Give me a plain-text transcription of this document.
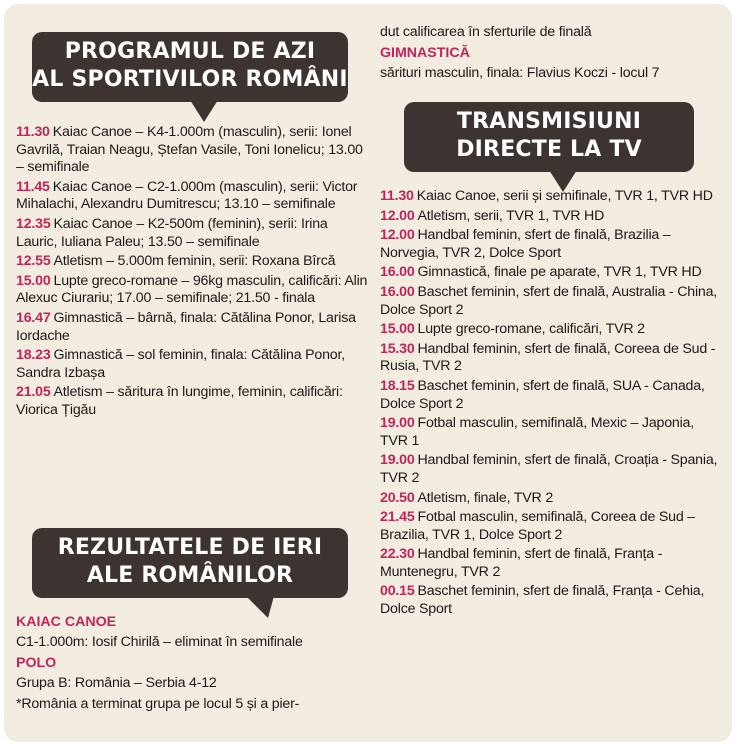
PROGRAMUL DE AZI
AL SPORTIVILOR ROMÂNI

11.30 Kaiac Canoe – K4-1.000m (masculin), serii: Ionel Gavrilă, Traian Neagu, Ștefan Vasile, Toni Ionelicu; 13.00 – semifinale

11.45 Kaiac Canoe – C2-1.000m (masculin), serii: Victor Mihalachi, Alexandru Dumitrescu; 13.10 – semifinale

12.35 Kaiac Canoe – K2-500m (feminin), serii: Irina Lauric, Iuliana Paleu; 13.50 – semifinale

12.55 Atletism – 5.000m feminin, serii: Roxana Bîrcă

15.00 Lupte greco-romane – 96kg masculin, calificări: Alin Alexuc Ciurariu; 17.00 – semifinale; 21.50 - finala

16.47 Gimnastică – bârnă, finala: Cătălina Ponor, Larisa Iordache

18.23 Gimnastică – sol feminin, finala: Cătălina Ponor, Sandra Izbașa

21.05 Atletism – săritura în lungime, feminin, calificări: Viorica Țigău

REZULTATELE DE IERI
ALE ROMÂNILOR
KAIAC CANOE
C1-1.000m: Iosif Chirilă – eliminat în semifinale
POLO
Grupa B: România – Serbia 4-12
*România a terminat grupa pe locul 5 și a pier-
dut calificarea în sferturile de finală
GIMNASTICĂ
sărituri masculin, finala: Flavius Koczi - locul 7
TRANSMISIUNI
DIRECTE LA TV

11.30 Kaiac Canoe, serii și semifinale, TVR 1, TVR HD

12.00 Atletism, serii, TVR 1, TVR HD

12.00 Handbal feminin, sfert de finală, Brazilia – Norvegia, TVR 2, Dolce Sport

16.00 Gimnastică, finale pe aparate, TVR 1, TVR HD

16.00 Baschet feminin, sfert de finală, Australia - China, Dolce Sport 2

15.00 Lupte greco-romane, calificări, TVR 2

15.30 Handbal feminin, sfert de finală, Coreea de Sud - Rusia, TVR 2

18.15 Baschet feminin, sfert de finală, SUA - Canada, Dolce Sport 2

19.00 Fotbal masculin, semifinală, Mexic – Japonia, TVR 1

19.00 Handbal feminin, sfert de finală, Croația - Spania, TVR 2

20.50 Atletism, finale, TVR 2

21.45 Fotbal masculin, semifinală, Coreea de Sud – Brazilia, TVR 1, Dolce Sport 2

22.30 Handbal feminin, sfert de finală, Franța - Muntenegru, TVR 2

00.15 Baschet feminin, sfert de finală, Franța - Cehia, Dolce Sport
